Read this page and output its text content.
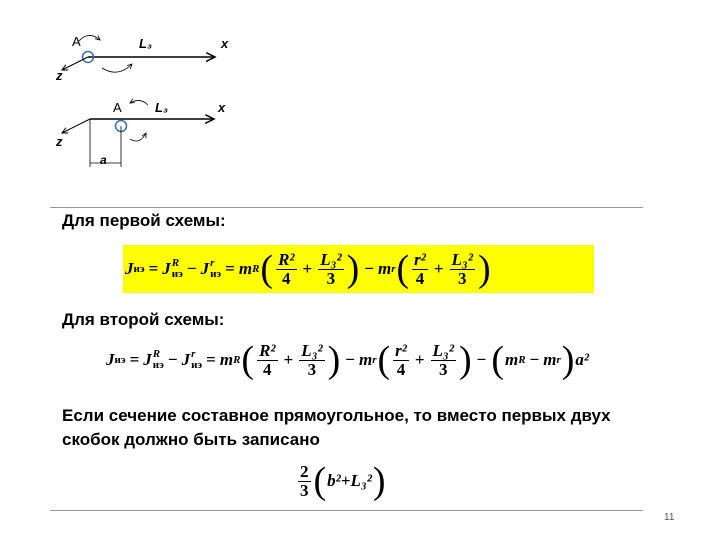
A	L₃	x
z
A	L₃	x
z
a
Для первой схемы:
J иэ = J R
иэ − J r
иэ = m R ( $\frac{\text{R²}}{4} + \frac{\text{L₃²}}{3}$ ) − m r ( $\frac{\text{r²}}{4} + \frac{\text{L₃²}}{3}$ )
Для второй схемы:
J иэ = J R
иэ − J r
иэ = m R ( $\frac{\text{R²}}{4} + \frac{\text{L₃²}}{3}$ ) − m r ( $\frac{\text{r²}}{4} + \frac{\text{L₃²}}{3}$ ) − ( m R − m r ) a²
Если сечение составное прямоугольное, то вместо первых двух
скобок должно быть записано
$\frac{2}{3}$ ( b²+L₃² )
11
